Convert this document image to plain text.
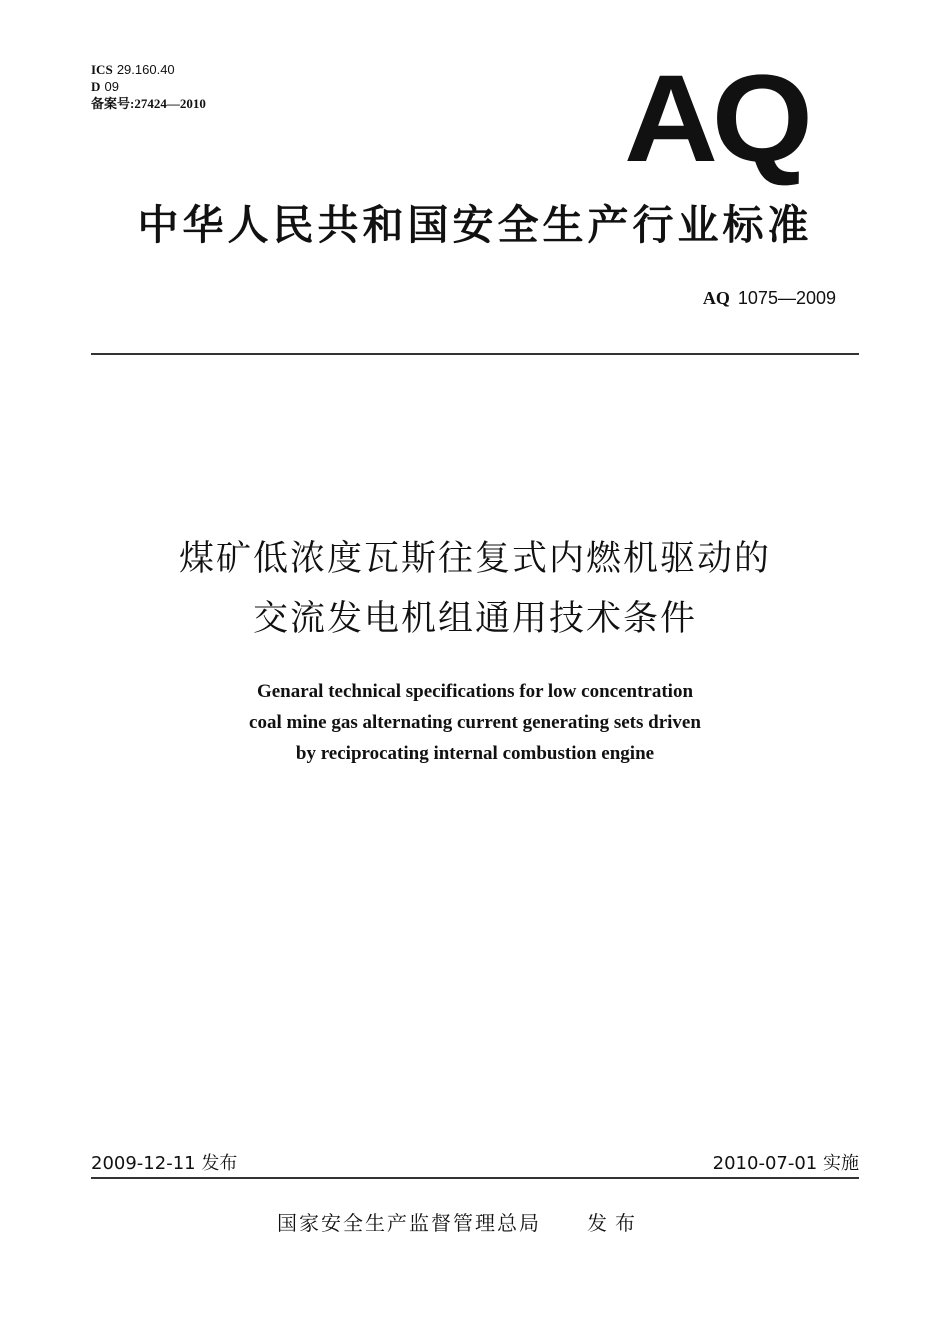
ICS 29.160.40
D 09
备案号:27424—2010	AQ
中华人民共和国安全生产行业标准
AQ 1075—2009
煤矿低浓度瓦斯往复式内燃机驱动的
交流发电机组通用技术条件
Genaral technical specifications for low concentration
coal mine gas alternating current generating sets driven
by reciprocating internal combustion engine
2009-12-11 发布	2010-07-01 实施
国家安全生产监督管理总局 发布
